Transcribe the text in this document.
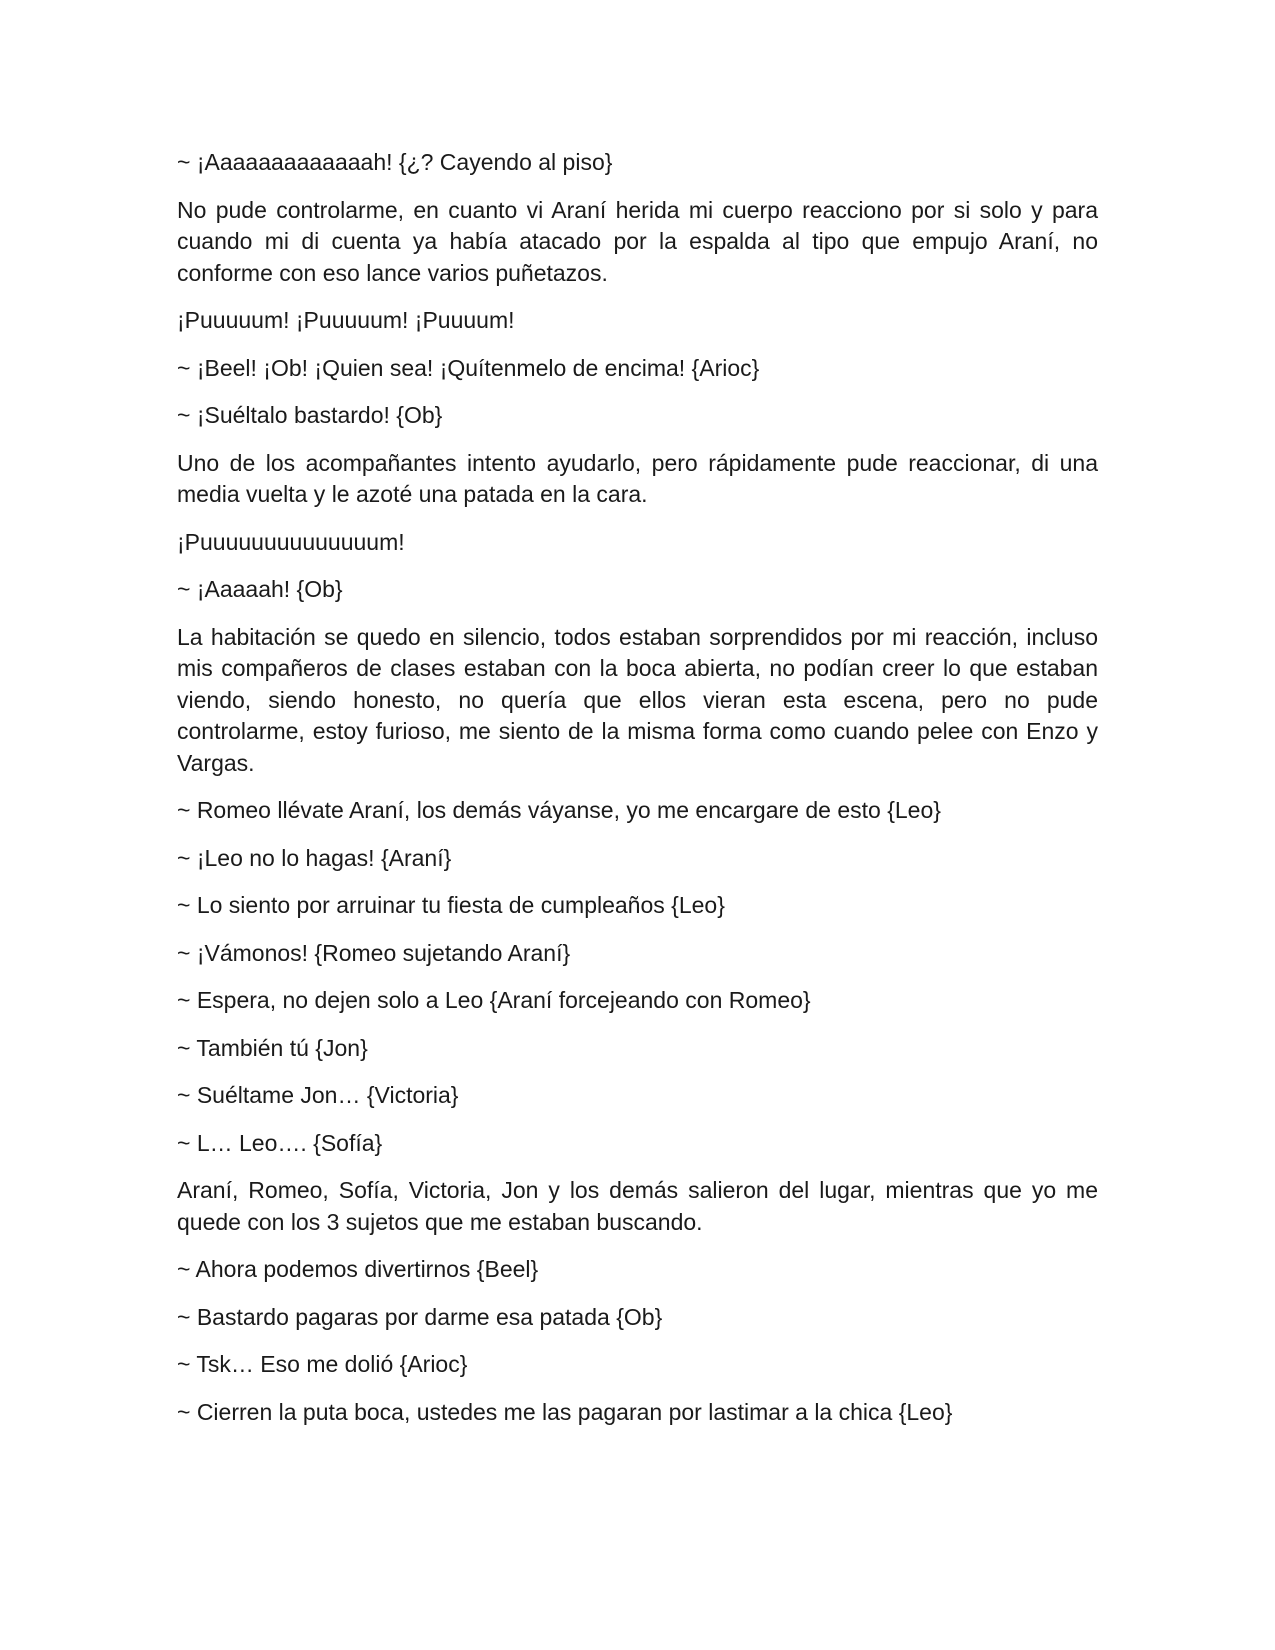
~ ¡Aaaaaaaaaaaaah! {¿? Cayendo al piso}

No pude controlarme, en cuanto vi Araní herida mi cuerpo reacciono por si solo y para cuando mi di cuenta ya había atacado por la espalda al tipo que empujo Araní, no conforme con eso lance varios puñetazos.

¡Puuuuum! ¡Puuuuum! ¡Puuuum!

~ ¡Beel! ¡Ob! ¡Quien sea! ¡Quítenmelo de encima! {Arioc}

~ ¡Suéltalo bastardo! {Ob}

Uno de los acompañantes intento ayudarlo, pero rápidamente pude reaccionar, di una media vuelta y le azoté una patada en la cara.

¡Puuuuuuuuuuuuuum!

~ ¡Aaaaah! {Ob}

La habitación se quedo en silencio, todos estaban sorprendidos por mi reacción, incluso mis compañeros de clases estaban con la boca abierta, no podían creer lo que estaban viendo, siendo honesto, no quería que ellos vieran esta escena, pero no pude controlarme, estoy furioso, me siento de la misma forma como cuando pelee con Enzo y Vargas.

~ Romeo llévate Araní, los demás váyanse, yo me encargare de esto {Leo}

~ ¡Leo no lo hagas! {Araní}

~ Lo siento por arruinar tu fiesta de cumpleaños {Leo}

~ ¡Vámonos! {Romeo sujetando Araní}

~ Espera, no dejen solo a Leo {Araní forcejeando con Romeo}

~ También tú {Jon}

~ Suéltame Jon… {Victoria}

~ L… Leo…. {Sofía}

Araní, Romeo, Sofía, Victoria, Jon y los demás salieron del lugar, mientras que yo me quede con los 3 sujetos que me estaban buscando.

~ Ahora podemos divertirnos {Beel}

~ Bastardo pagaras por darme esa patada {Ob}

~ Tsk… Eso me dolió {Arioc}

~ Cierren la puta boca, ustedes me las pagaran por lastimar a la chica {Leo}
